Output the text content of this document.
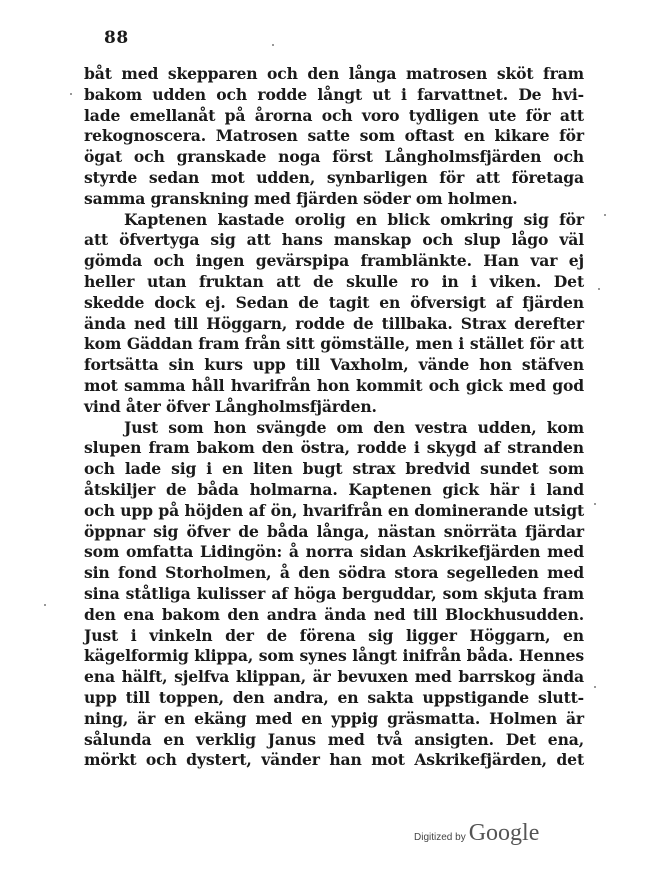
88
båt med skepparen och den långa matrosen sköt fram
bakom udden och rodde långt ut i farvattnet. De hvi-
lade emellanåt på årorna och voro tydligen ute för att
rekognoscera. Matrosen satte som oftast en kikare för
ögat och granskade noga först Långholmsfjärden och
styrde sedan mot udden, synbarligen för att företaga
samma granskning med fjärden söder om holmen.
Kaptenen kastade orolig en blick omkring sig för
att öfvertyga sig att hans manskap och slup lågo väl
gömda och ingen gevärspipa framblänkte. Han var ej
heller utan fruktan att de skulle ro in i viken. Det
skedde dock ej. Sedan de tagit en öfversigt af fjärden
ända ned till Höggarn, rodde de tillbaka. Strax derefter
kom Gäddan fram från sitt gömställe, men i stället för att
fortsätta sin kurs upp till Vaxholm, vände hon stäfven
mot samma håll hvarifrån hon kommit och gick med god
vind åter öfver Långholmsfjärden.
Just som hon svängde om den vestra udden, kom
slupen fram bakom den östra, rodde i skygd af stranden
och lade sig i en liten bugt strax bredvid sundet som
åtskiljer de båda holmarna. Kaptenen gick här i land
och upp på höjden af ön, hvarifrån en dominerande utsigt
öppnar sig öfver de båda långa, nästan snörräta fjärdar
som omfatta Lidingön: å norra sidan Askrikefjärden med
sin fond Storholmen, å den södra stora segelleden med
sina ståtliga kulisser af höga berguddar, som skjuta fram
den ena bakom den andra ända ned till Blockhusudden.
Just i vinkeln der de förena sig ligger Höggarn, en
kägelformig klippa, som synes långt inifrån båda. Hennes
ena hälft, sjelfva klippan, är bevuxen med barrskog ända
upp till toppen, den andra, en sakta uppstigande slutt-
ning, är en ekäng med en yppig gräsmatta. Holmen är
sålunda en verklig Janus med två ansigten. Det ena,
mörkt och dystert, vänder han mot Askrikefjärden, det
Digitized by Google
